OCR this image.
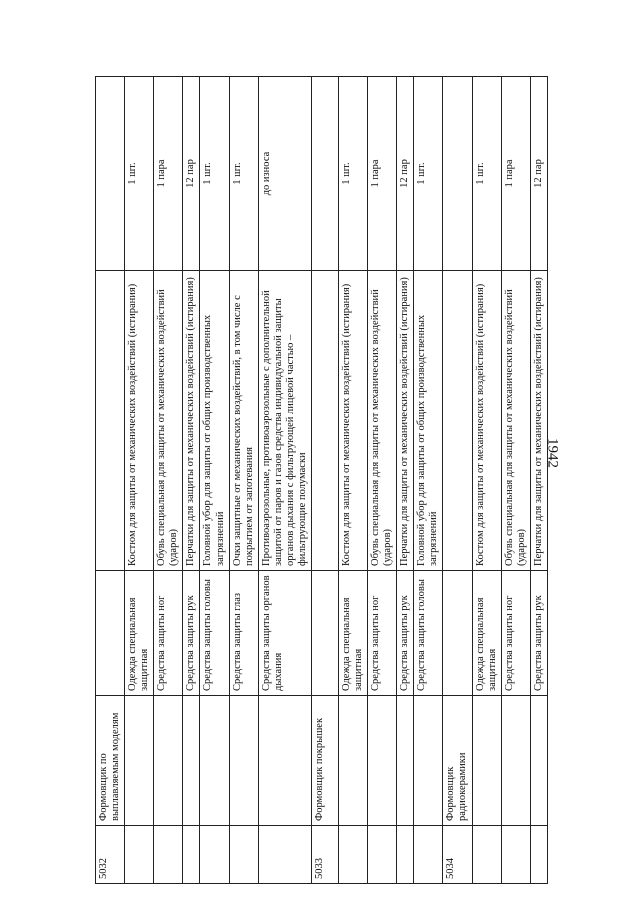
1942
5032	Формовщик по выплавляемым моделям			
		Одежда специальная защитная	Костюм для защиты от механических воздействий (истирания)	1 шт.
		Средства защиты ног	Обувь специальная для защиты от механических воздействий (ударов)	1 пара
		Средства защиты рук	Перчатки для защиты от механических воздействий (истирания)	12 пар
		Средства защиты головы	Головной убор для защиты от общих производственных загрязнений	1 шт.
		Средства защиты глаз	Очки защитные от механических воздействий, в том числе с покрытием от запотевания	1 шт.
		Средства защиты органов дыхания	Противоаэрозольные, противоаэрозольные с дополнительной защитой от паров и газов средства индивидуальной защиты органов дыхания с фильтрующей лицевой частью – фильтрующие полумаски	до износа
5033	Формовщик покрышек			
		Одежда специальная защитная	Костюм для защиты от механических воздействий (истирания)	1 шт.
		Средства защиты ног	Обувь специальная для защиты от механических воздействий (ударов)	1 пара
		Средства защиты рук	Перчатки для защиты от механических воздействий (истирания)	12 пар
		Средства защиты головы	Головной убор для защиты от общих производственных загрязнений	1 шт.
5034	Формовщик радиокерамики			
		Одежда специальная защитная	Костюм для защиты от механических воздействий (истирания)	1 шт.
		Средства защиты ног	Обувь специальная для защиты от механических воздействий (ударов)	1 пара
		Средства защиты рук	Перчатки для защиты от механических воздействий (истирания)	12 пар
